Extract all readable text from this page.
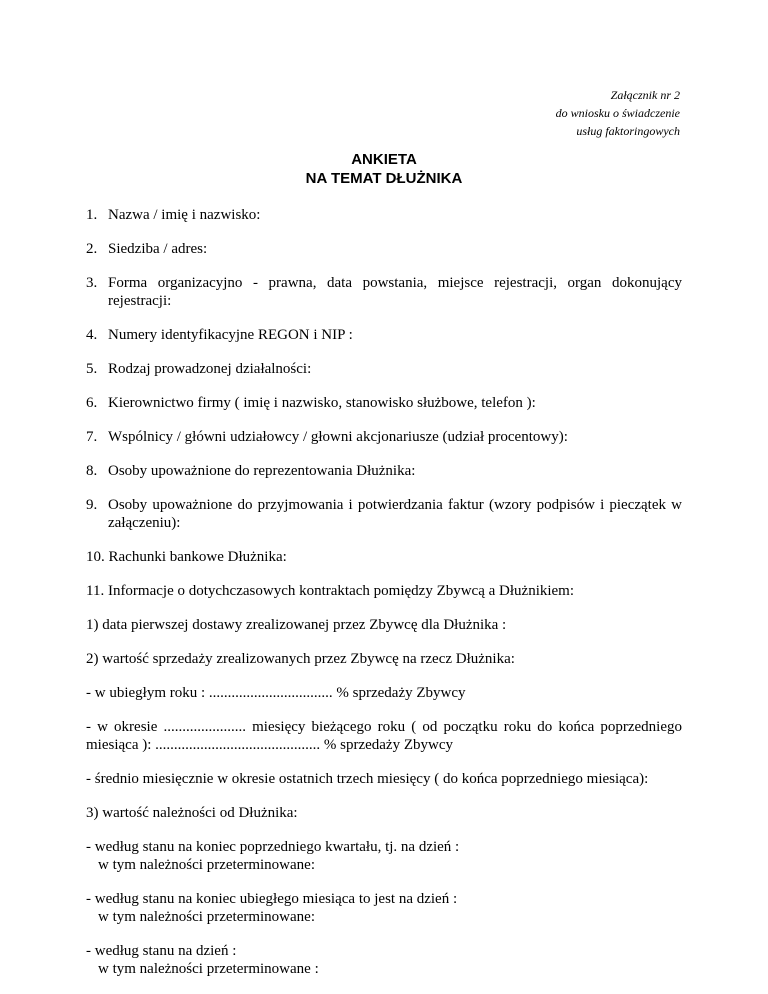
Załącznik nr 2
do wniosku o świadczenie
usług faktoringowych
ANKIETA
NA TEMAT DŁUŻNIKA
1. Nazwa / imię i nazwisko:
2. Siedziba / adres:
3. Forma organizacyjno - prawna, data powstania, miejsce rejestracji, organ dokonujący rejestracji:
4. Numery identyfikacyjne REGON i NIP :
5. Rodzaj prowadzonej działalności:
6. Kierownictwo firmy ( imię i nazwisko, stanowisko służbowe, telefon ):
7. Wspólnicy / główni udziałowcy / głowni akcjonariusze (udział procentowy):
8. Osoby upoważnione do reprezentowania Dłużnika:
9. Osoby upoważnione do przyjmowania i potwierdzania faktur (wzory podpisów i pieczątek w załączeniu):
10. Rachunki bankowe Dłużnika:
11. Informacje o dotychczasowych kontraktach pomiędzy Zbywcą a Dłużnikiem:
1) data pierwszej dostawy zrealizowanej przez Zbywcę dla Dłużnika :
2) wartość sprzedaży zrealizowanych przez Zbywcę na rzecz Dłużnika:
- w ubiegłym roku : ................................. % sprzedaży Zbywcy
- w okresie ...................... miesięcy bieżącego roku ( od początku roku do końca poprzedniego miesiąca ): ............................................ % sprzedaży Zbywcy
- średnio miesięcznie w okresie ostatnich trzech miesięcy ( do końca poprzedniego miesiąca):
3) wartość należności od Dłużnika:
- według stanu na koniec poprzedniego kwartału, tj. na dzień :
w tym należności przeterminowane:
- według stanu na koniec ubiegłego miesiąca to jest na dzień :
w tym należności przeterminowane:
- według stanu na dzień :
w tym należności przeterminowane :
